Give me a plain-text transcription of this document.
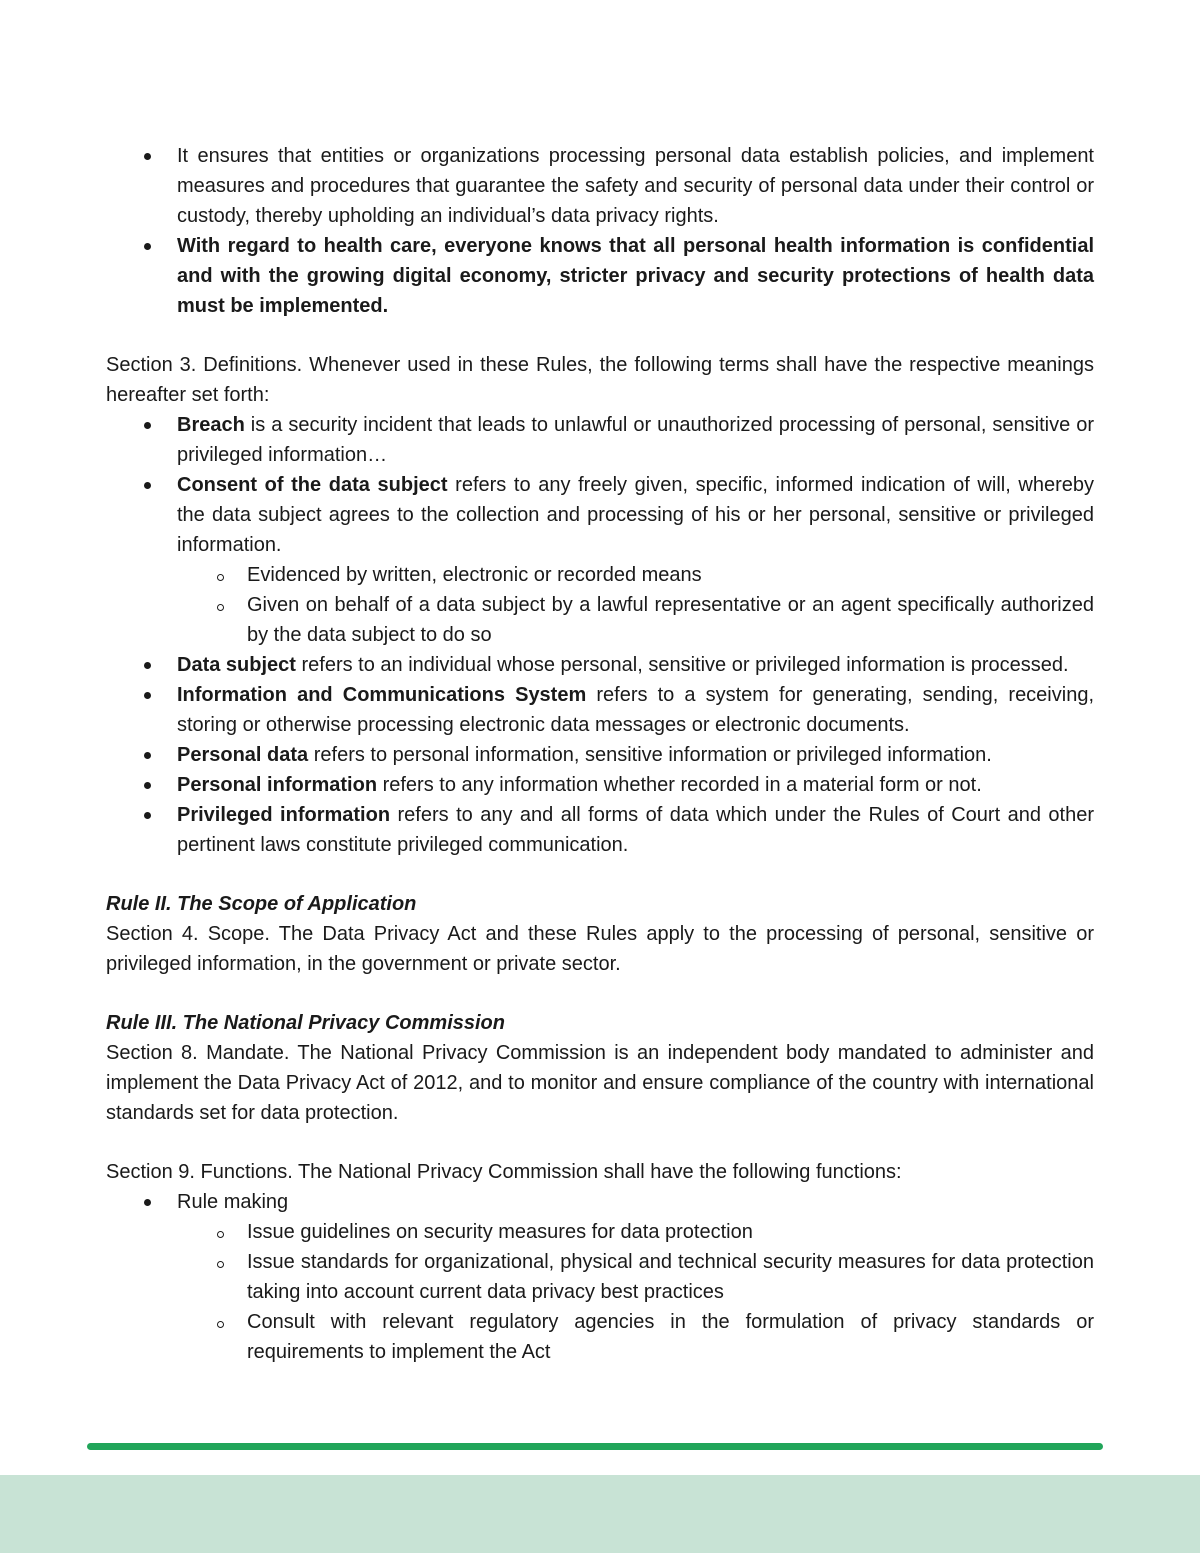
It ensures that entities or organizations processing personal data establish policies, and implement measures and procedures that guarantee the safety and security of personal data under their control or custody, thereby upholding an individual’s data privacy rights.
With regard to health care, everyone knows that all personal health information is confidential and with the growing digital economy, stricter privacy and security protections of health data must be implemented.

Section 3. Definitions. Whenever used in these Rules, the following terms shall have the respective meanings hereafter set forth:

Breach is a security incident that leads to unlawful or unauthorized processing of personal, sensitive or privileged information…
Consent of the data subject refers to any freely given, specific, informed indication of will, whereby the data subject agrees to the collection and processing of his or her personal, sensitive or privileged information.
Evidenced by written, electronic or recorded means
Given on behalf of a data subject by a lawful representative or an agent specifically authorized by the data subject to do so
Data subject refers to an individual whose personal, sensitive or privileged information is processed.
Information and Communications System refers to a system for generating, sending, receiving, storing or otherwise processing electronic data messages or electronic documents.
Personal data refers to personal information, sensitive information or privileged information.
Personal information refers to any information whether recorded in a material form or not.
Privileged information refers to any and all forms of data which under the Rules of Court and other pertinent laws constitute privileged communication.

Rule II. The Scope of Application

Section 4. Scope. The Data Privacy Act and these Rules apply to the processing of personal, sensitive or privileged information, in the government or private sector.

Rule III. The National Privacy Commission

Section 8. Mandate. The National Privacy Commission is an independent body mandated to administer and implement the Data Privacy Act of 2012, and to monitor and ensure compliance of the country with international standards set for data protection.

Section 9. Functions. The National Privacy Commission shall have the following functions:

Rule making
Issue guidelines on security measures for data protection
Issue standards for organizational, physical and technical security measures for data protection taking into account current data privacy best practices
Consult with relevant regulatory agencies in the formulation of privacy standards or requirements to implement the Act
